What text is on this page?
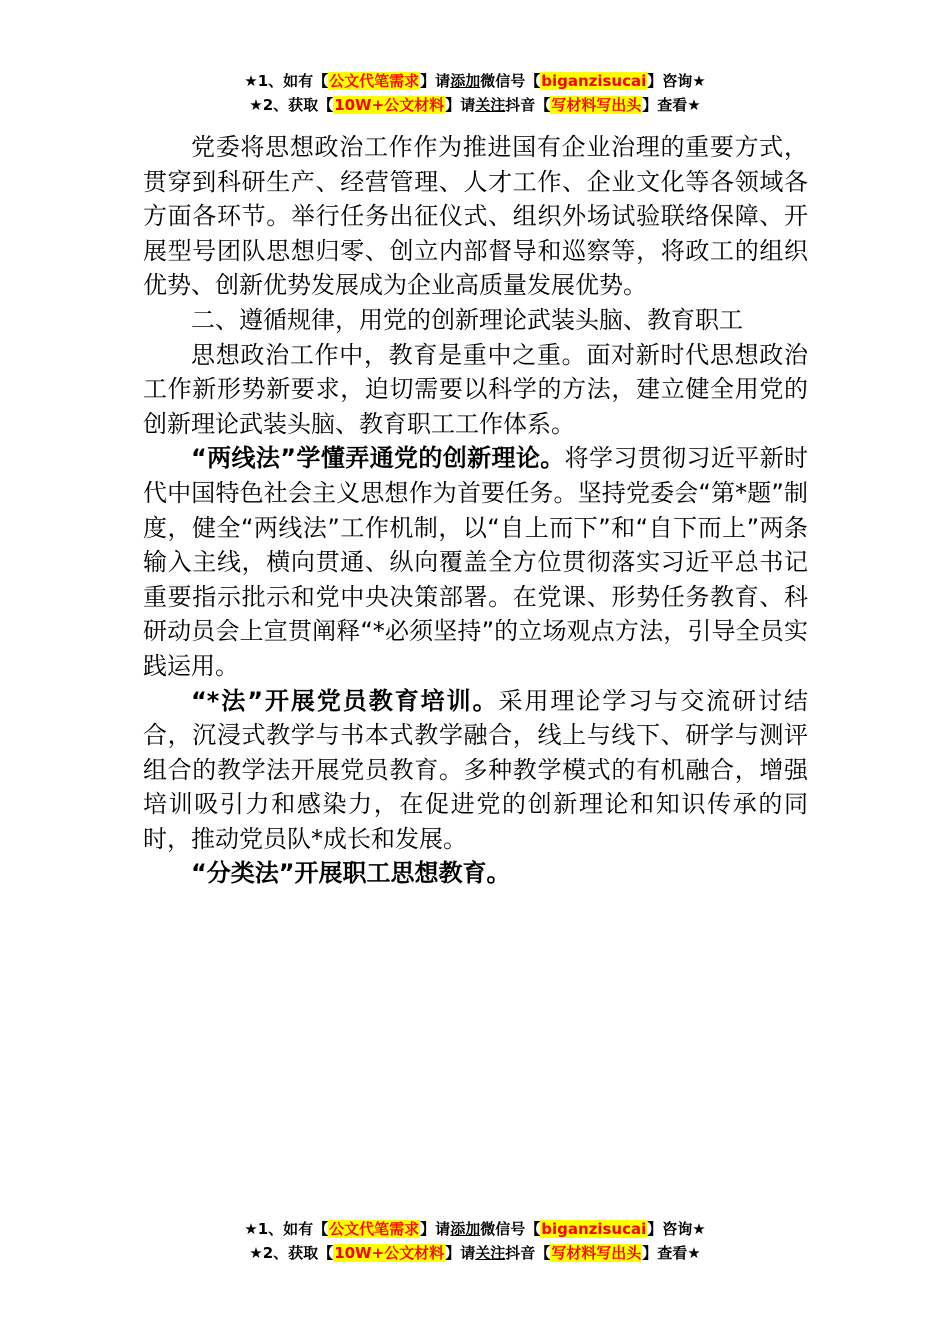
★1、如有【公文代笔需求】请添加微信号【biganzisucai】咨询★
★2、获取【10W+公文材料】请关注抖音【写材料写出头】查看★

党委将思想政治工作作为推进国有企业治理的重要方式，贯穿到科研生产、经营管理、人才工作、企业文化等各领域各方面各环节。举行任务出征仪式、组织外场试验联络保障、开展型号团队思想归零、创立内部督导和巡察等，将政工的组织优势、创新优势发展成为企业高质量发展优势。

二、遵循规律，用党的创新理论武装头脑、教育职工

思想政治工作中，教育是重中之重。面对新时代思想政治工作新形势新要求，迫切需要以科学的方法，建立健全用党的创新理论武装头脑、教育职工工作体系。

“两线法”学懂弄通党的创新理论。将学习贯彻习近平新时代中国特色社会主义思想作为首要任务。坚持党委会“第*题”制度，健全“两线法”工作机制，以“自上而下”和“自下而上”两条输入主线，横向贯通、纵向覆盖全方位贯彻落实习近平总书记重要指示批示和党中央决策部署。在党课、形势任务教育、科研动员会上宣贯阐释“*必须坚持”的立场观点方法，引导全员实践运用。

“*法”开展党员教育培训。采用理论学习与交流研讨结合，沉浸式教学与书本式教学融合，线上与线下、研学与测评组合的教学法开展党员教育。多种教学模式的有机融合，增强培训吸引力和感染力，在促进党的创新理论和知识传承的同时，推动党员队*成长和发展。

“分类法”开展职工思想教育。

★1、如有【公文代笔需求】请添加微信号【biganzisucai】咨询★
★2、获取【10W+公文材料】请关注抖音【写材料写出头】查看★
